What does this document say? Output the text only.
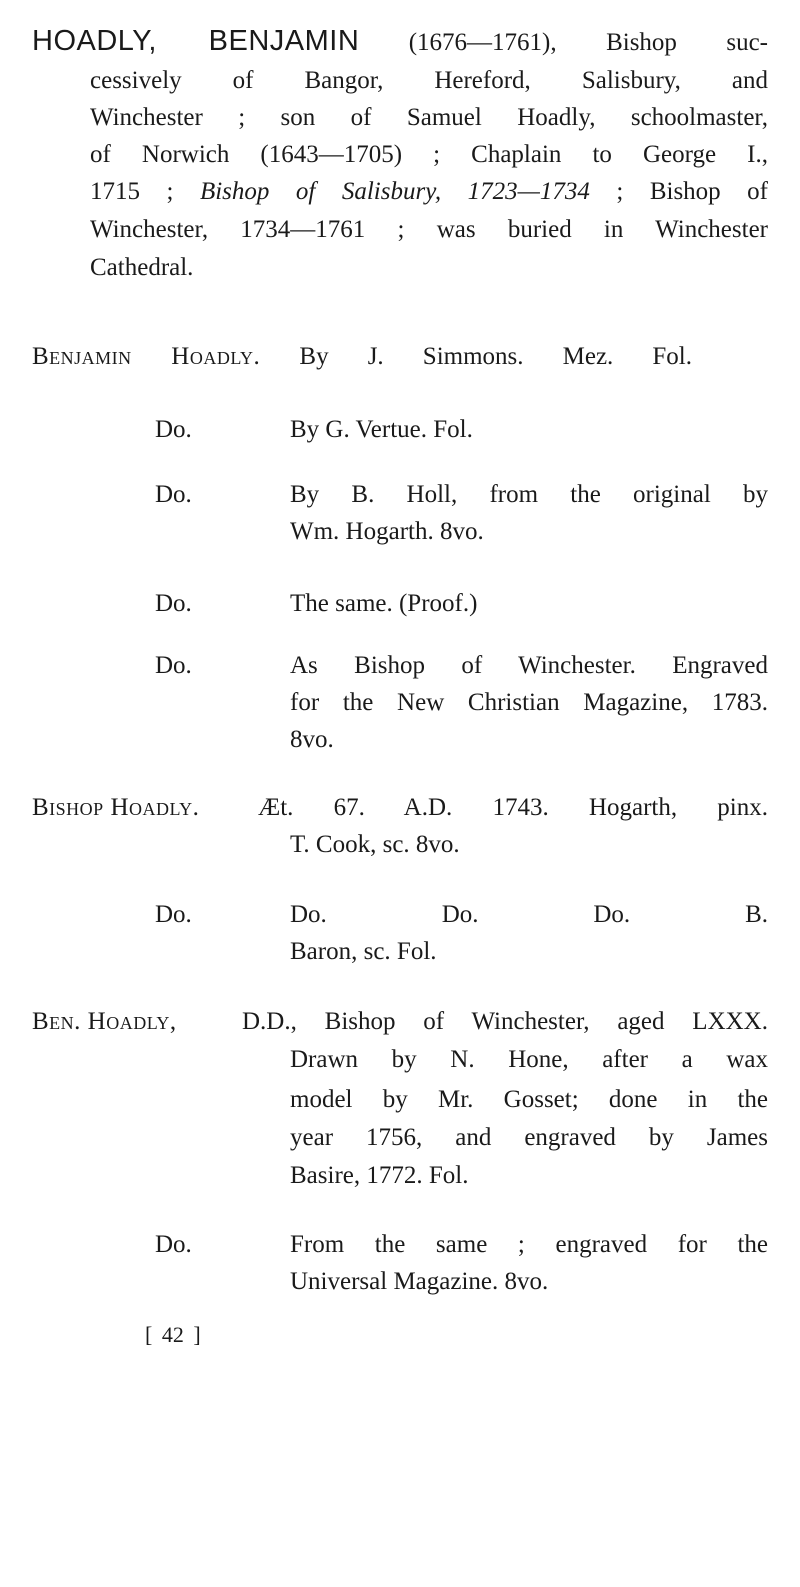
HOADLY, BENJAMIN (1676—1761), Bishop suc-
cessively of Bangor, Hereford, Salisbury, and
Winchester ; son of Samuel Hoadly, schoolmaster,
of Norwich (1643—1705) ; Chaplain to George I.,
1715 ; Bishop of Salisbury, 1723—1734 ; Bishop of
Winchester, 1734—1761 ; was buried in Winchester
Cathedral.
Benjamin Hoadly. By J. Simmons. Mez. Fol.
Do.	By G. Vertue. Fol.
Do.	By B. Holl, from the original by
Wm. Hogarth. 8vo.
Do.	The same. (Proof.)
Do.	As Bishop of Winchester. Engraved
for the New Christian Magazine, 1783.
8vo.
Bishop Hoadly. Æt. 67. A.D. 1743. Hogarth, pinx.
T. Cook, sc. 8vo.
Do.	Do. Do. Do. B.
Baron, sc. Fol.
Ben. Hoadly,	D.D., Bishop of Winchester, aged LXXX.
Drawn by N. Hone, after a wax
model by Mr. Gosset; done in the
year 1756, and engraved by James
Basire, 1772. Fol.
Do.	From the same ; engraved for the
Universal Magazine. 8vo.
[ 42 ]
